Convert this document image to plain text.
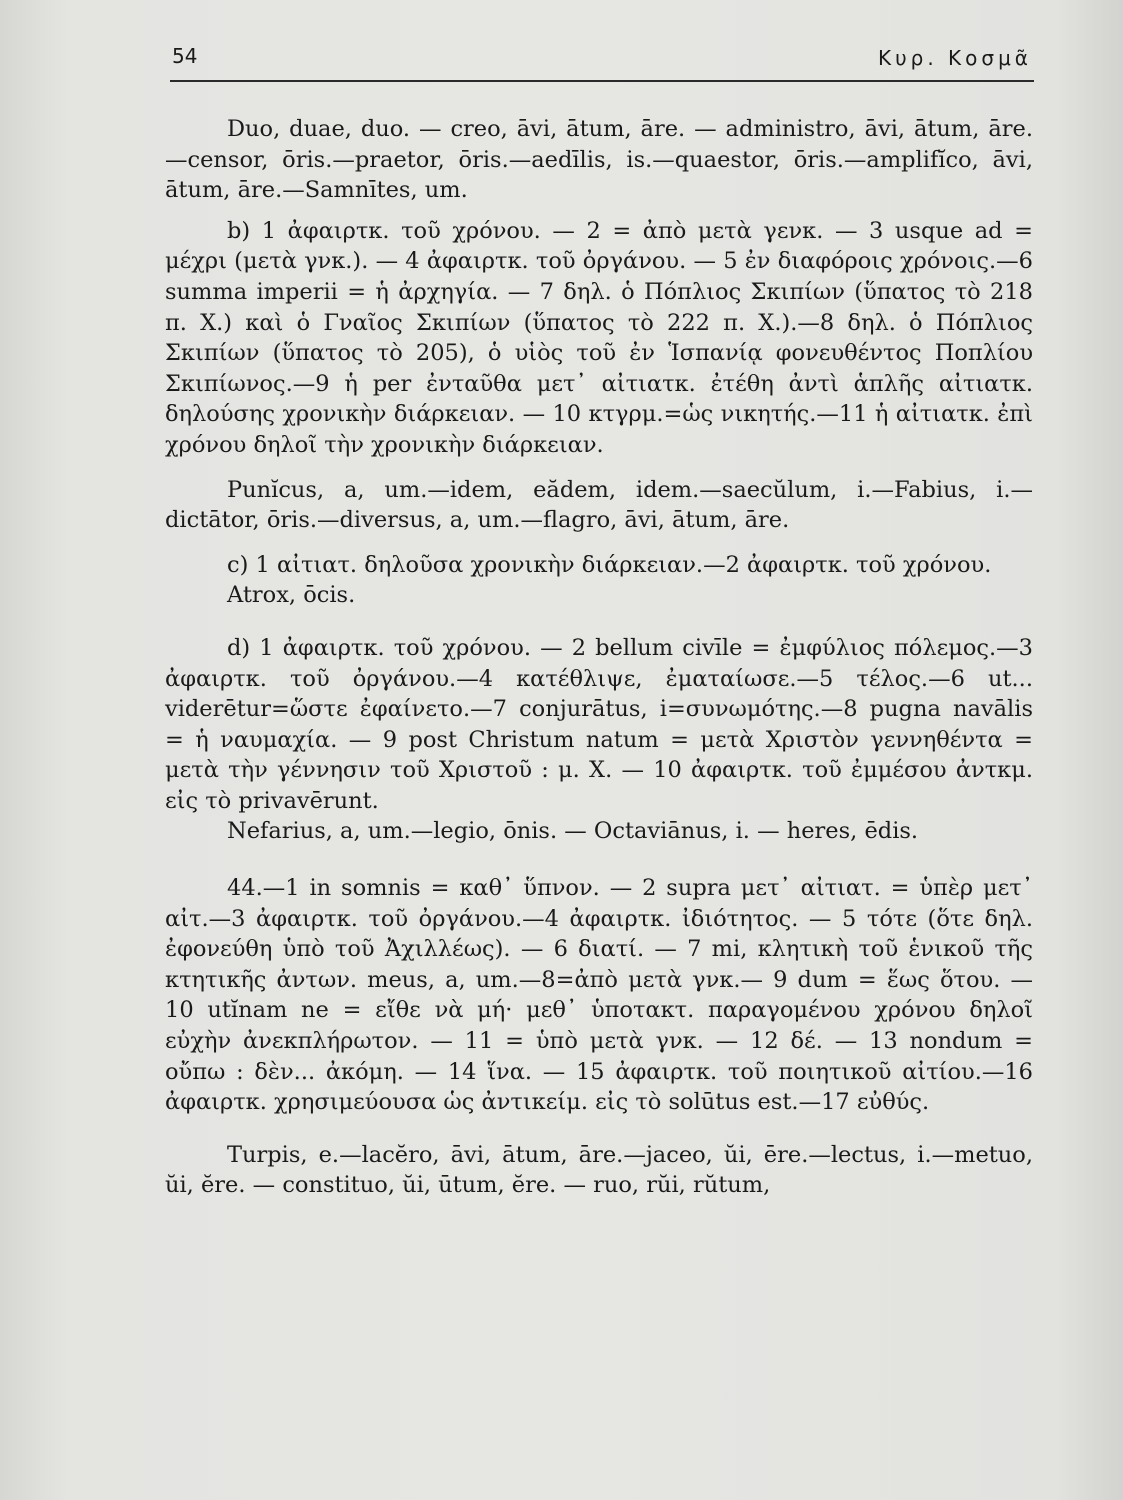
54	Κυρ. Κοσμᾶ

Duo, duae, duo. — creo, āvi, ātum, āre. — administro, āvi, ātum, āre.—censor, ōris.—praetor, ōris.—aedīlis, is.—quaestor, ōris.—amplifĭco, āvi, ātum, āre.—Samnītes, um.

b) 1 ἀφαιρτκ. τοῦ χρόνου. — 2 = ἀπὸ μετὰ γενκ. — 3 usque ad = μέχρι (μετὰ γνκ.). — 4 ἀφαιρτκ. τοῦ ὀργάνου. — 5 ἐν διαφόροις χρόνοις.—6 summa imperii = ἡ ἀρχηγία. — 7 δηλ. ὁ Πόπλιος Σκιπίων (ὕπατος τὸ 218 π. Χ.) καὶ ὁ Γναῖος Σκιπίων (ὕπατος τὸ 222 π. Χ.).—8 δηλ. ὁ Πόπλιος Σκιπίων (ὕπατος τὸ 205), ὁ υἱὸς τοῦ ἐν Ἱσπανίᾳ φονευθέντος Ποπλίου Σκιπίωνος.—9 ἡ per ἐνταῦθα μετ᾽ αἰτιατκ. ἐτέθη ἀντὶ ἁπλῆς αἰτιατκ. δηλούσης χρονικὴν διάρκειαν. — 10 κτγρμ.=ὡς νικητής.—11 ἡ αἰτιατκ. ἐπὶ χρόνου δηλοῖ τὴν χρονικὴν διάρκειαν.

Punĭcus, a, um.—idem, eădem, idem.—saecŭlum, i.—Fabius, i.—dictātor, ōris.—diversus, a, um.—flagro, āvi, ātum, āre.

c) 1 αἰτιατ. δηλοῦσα χρονικὴν διάρκειαν.—2 ἀφαιρτκ. τοῦ χρόνου.

Atrox, ōcis.

d) 1 ἀφαιρτκ. τοῦ χρόνου. — 2 bellum civīle = ἐμφύλιος πόλεμος.—3 ἀφαιρτκ. τοῦ ὀργάνου.—4 κατέθλιψε, ἐματαίωσε.—5 τέλος.—6 ut... viderētur=ὥστε ἐφαίνετο.—7 conjurātus, i=συνωμότης.—8 pugna navālis = ἡ ναυμαχία. — 9 post Christum natum = μετὰ Χριστὸν γεννηθέντα = μετὰ τὴν γέννησιν τοῦ Χριστοῦ : μ. Χ. — 10 ἀφαιρτκ. τοῦ ἐμμέσου ἀντκμ. εἰς τὸ privavērunt.

Nefarius, a, um.—legio, ōnis. — Octaviānus, i. — heres, ēdis.

44.—1 in somnis = καθ᾽ ὕπνον. — 2 supra μετ᾽ αἰτιατ. = ὑπὲρ μετ᾽ αἰτ.—3 ἀφαιρτκ. τοῦ ὀργάνου.—4 ἀφαιρτκ. ἰδιότητος. — 5 τότε (ὅτε δηλ. ἐφονεύθη ὑπὸ τοῦ Ἀχιλλέως). — 6 διατί. — 7 mi, κλητικὴ τοῦ ἑνικοῦ τῆς κτητικῆς ἀντων. meus, a, um.—8=ἀπὸ μετὰ γνκ.— 9 dum = ἕως ὅτου. — 10 utĭnam ne = εἴθε νὰ μή· μεθ᾽ ὑποτακτ. παραγομένου χρόνου δηλοῖ εὐχὴν ἀνεκπλήρωτον. — 11 = ὑπὸ μετὰ γνκ. — 12 δέ. — 13 nondum = οὔπω : δὲν... ἀκόμη. — 14 ἵνα. — 15 ἀφαιρτκ. τοῦ ποιητικοῦ αἰτίου.—16 ἀφαιρτκ. χρησιμεύουσα ὡς ἀντικείμ. εἰς τὸ solūtus est.—17 εὐθύς.

Turpis, e.—lacĕro, āvi, ātum, āre.—jaceo, ŭi, ēre.—lectus, i.—metuo, ŭi, ĕre. — constituo, ŭi, ūtum, ĕre. — ruo, rŭi, rŭtum,
